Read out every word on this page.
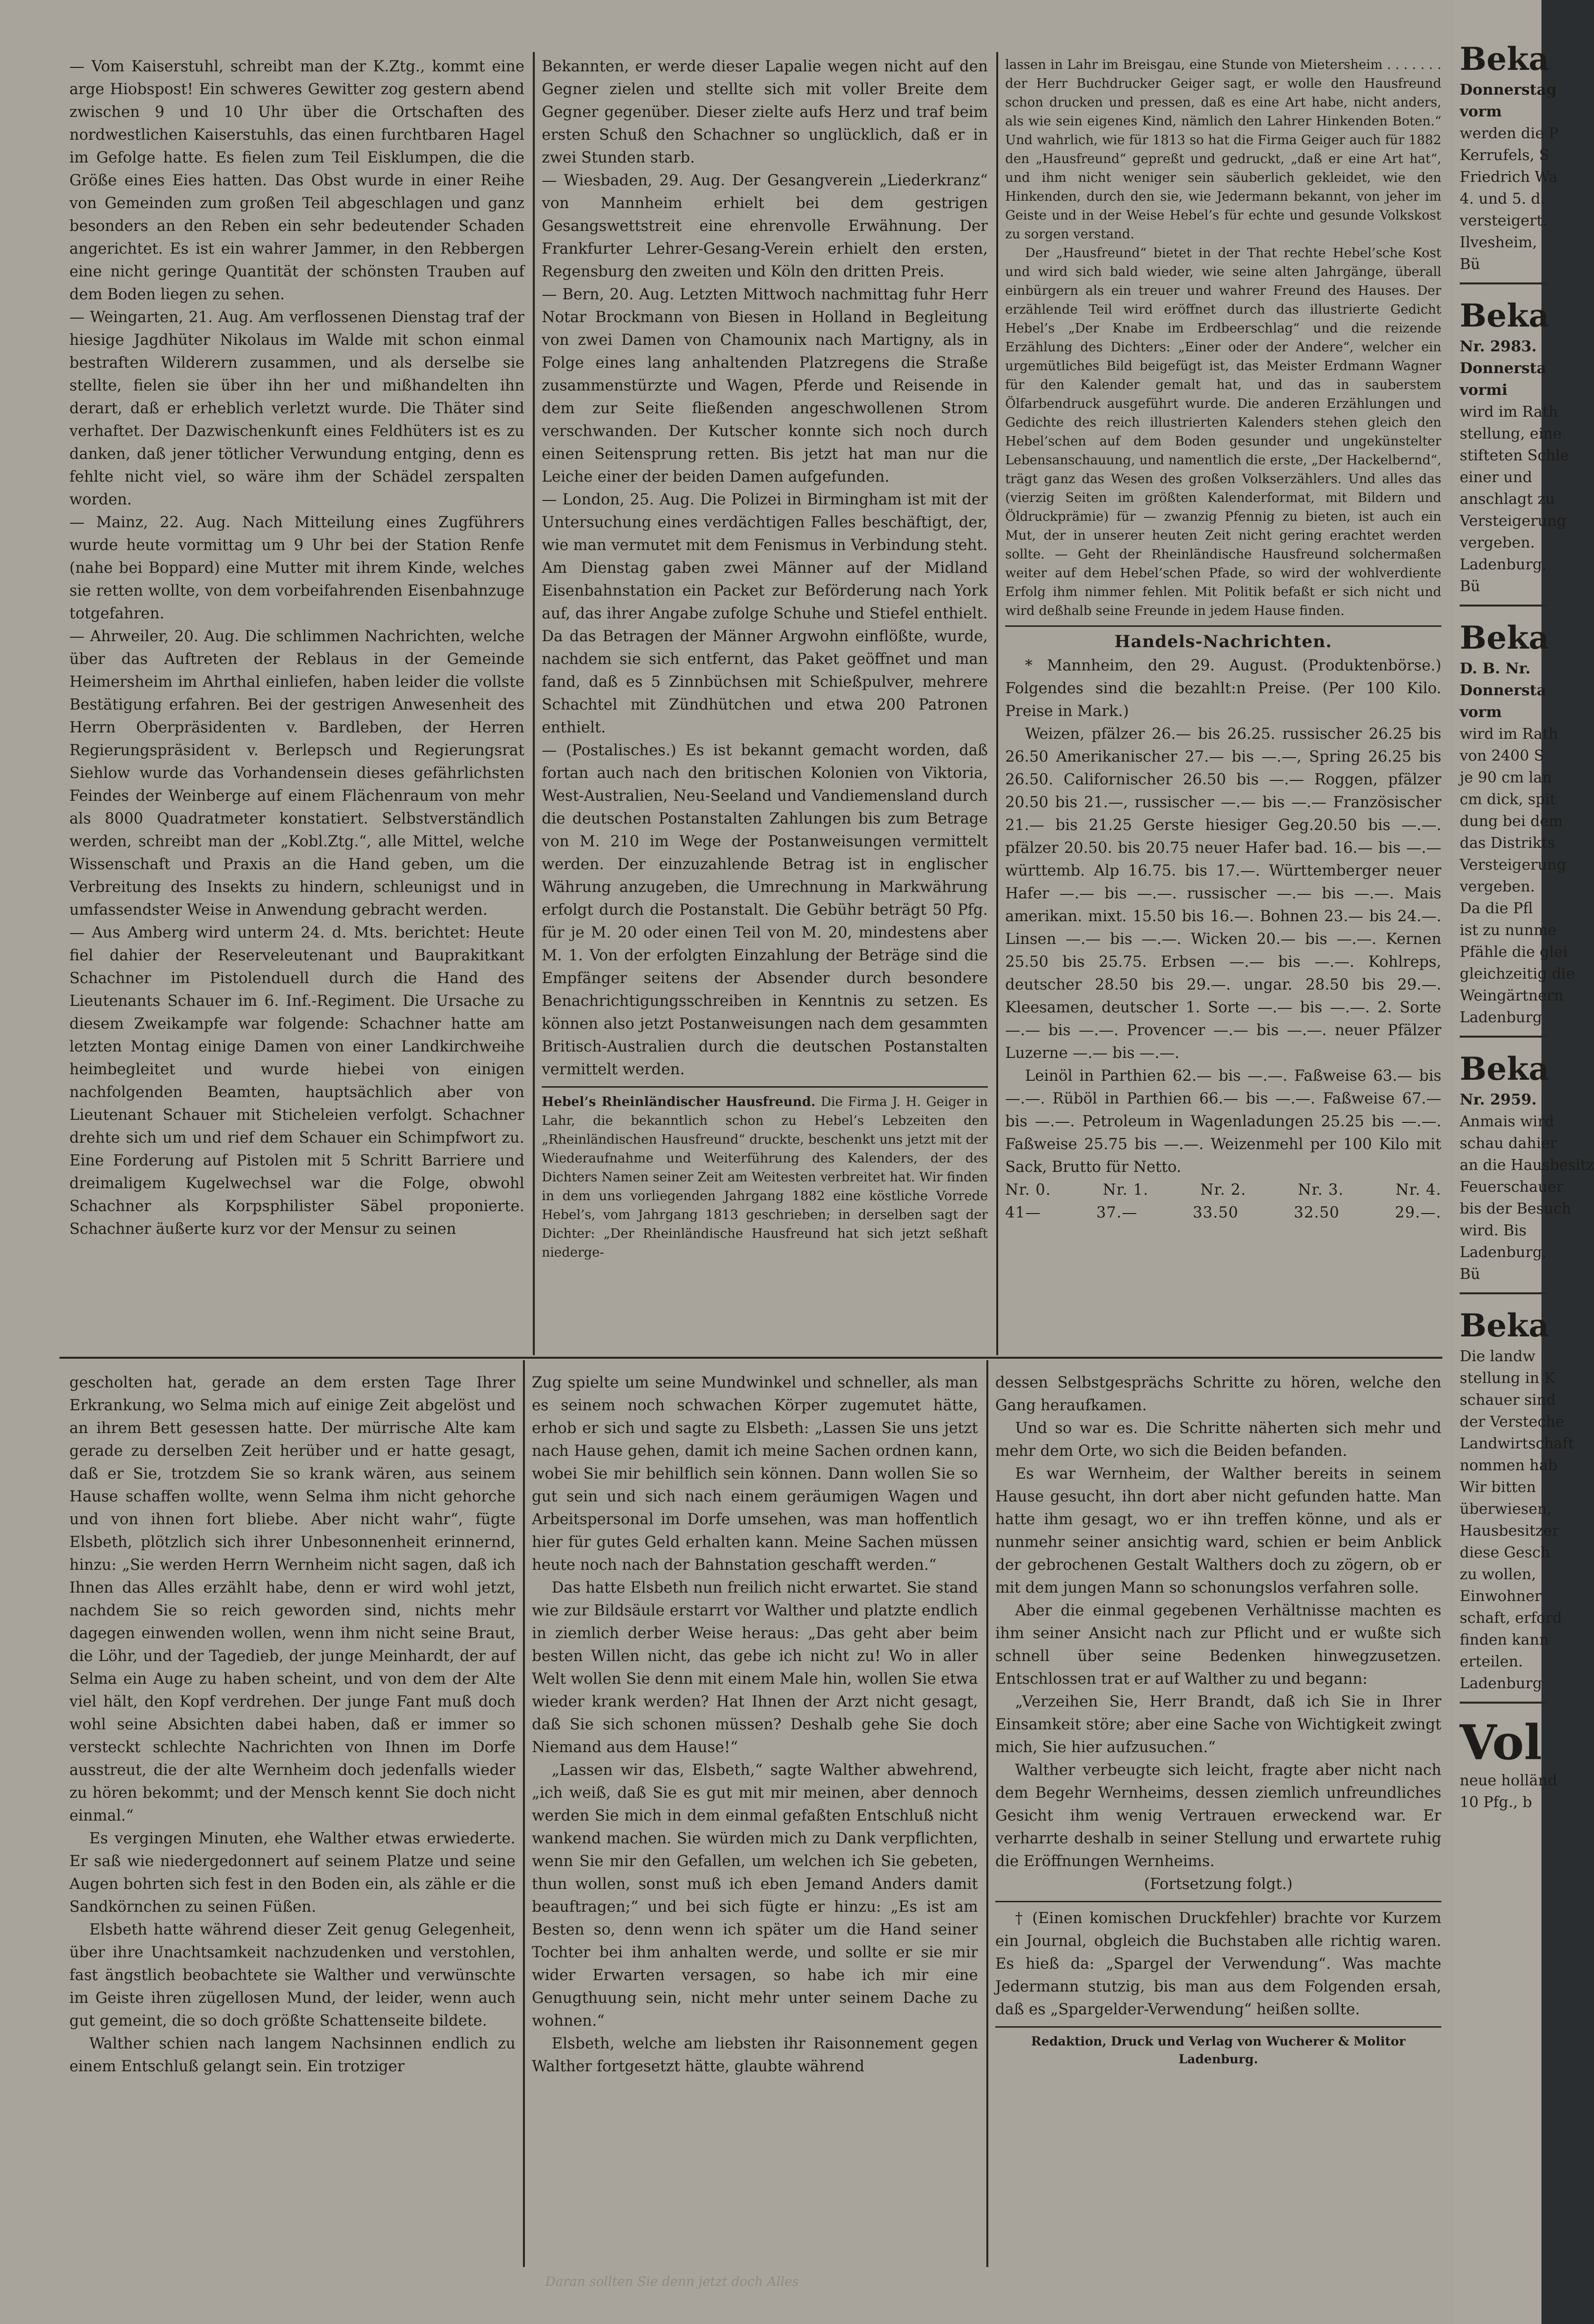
— Vom Kaiserstuhl, schreibt man der K.Ztg., kommt eine arge Hiobspost! Ein schweres Gewitter zog gestern abend zwischen 9 und 10 Uhr über die Ortschaften des nordwestlichen Kaiserstuhls, das einen furchtbaren Hagel im Gefolge hatte. Es fielen zum Teil Eisklumpen, die die Größe eines Eies hatten. Das Obst wurde in einer Reihe von Gemeinden zum großen Teil abgeschlagen und ganz besonders an den Reben ein sehr bedeutender Schaden angerichtet. Es ist ein wahrer Jammer, in den Rebbergen eine nicht geringe Quantität der schönsten Trauben auf dem Boden liegen zu sehen.

— Weingarten, 21. Aug. Am verflossenen Dienstag traf der hiesige Jagdhüter Nikolaus im Walde mit schon einmal bestraften Wilderern zusammen, und als derselbe sie stellte, fielen sie über ihn her und mißhandelten ihn derart, daß er erheblich verletzt wurde. Die Thäter sind verhaftet. Der Dazwischenkunft eines Feldhüters ist es zu danken, daß jener tötlicher Verwundung entging, denn es fehlte nicht viel, so wäre ihm der Schädel zerspalten worden.

— Mainz, 22. Aug. Nach Mitteilung eines Zugführers wurde heute vormittag um 9 Uhr bei der Station Renfe (nahe bei Boppard) eine Mutter mit ihrem Kinde, welches sie retten wollte, von dem vorbeifahrenden Eisenbahnzuge totgefahren.

— Ahrweiler, 20. Aug. Die schlimmen Nachrichten, welche über das Auftreten der Reblaus in der Gemeinde Heimersheim im Ahrthal einliefen, haben leider die vollste Bestätigung erfahren. Bei der gestrigen Anwesenheit des Herrn Oberpräsidenten v. Bardleben, der Herren Regierungspräsident v. Berlepsch und Regierungsrat Siehlow wurde das Vorhandensein dieses gefährlichsten Feindes der Weinberge auf einem Flächenraum von mehr als 8000 Quadratmeter konstatiert. Selbstverständlich werden, schreibt man der „Kobl.Ztg.“, alle Mittel, welche Wissenschaft und Praxis an die Hand geben, um die Verbreitung des Insekts zu hindern, schleunigst und in umfassendster Weise in Anwendung gebracht werden.

— Aus Amberg wird unterm 24. d. Mts. berichtet: Heute fiel dahier der Reserveleutenant und Bauprakitkant Schachner im Pistolenduell durch die Hand des Lieutenants Schauer im 6. Inf.-Regiment. Die Ursache zu diesem Zweikampfe war folgende: Schachner hatte am letzten Montag einige Damen von einer Landkirchweihe heimbegleitet und wurde hiebei von einigen nachfolgenden Beamten, hauptsächlich aber von Lieutenant Schauer mit Sticheleien verfolgt. Schachner drehte sich um und rief dem Schauer ein Schimpfwort zu. Eine Forderung auf Pistolen mit 5 Schritt Barriere und dreimaligem Kugelwechsel war die Folge, obwohl Schachner als Korpsphilister Säbel proponierte. Schachner äußerte kurz vor der Mensur zu seinen

Bekannten, er werde dieser Lapalie wegen nicht auf den Gegner zielen und stellte sich mit voller Breite dem Gegner gegenüber. Dieser zielte aufs Herz und traf beim ersten Schuß den Schachner so unglücklich, daß er in zwei Stunden starb.

— Wiesbaden, 29. Aug. Der Gesangverein „Liederkranz“ von Mannheim erhielt bei dem gestrigen Gesangswettstreit eine ehrenvolle Erwähnung. Der Frankfurter Lehrer-Gesang-Verein erhielt den ersten, Regensburg den zweiten und Köln den dritten Preis.

— Bern, 20. Aug. Letzten Mittwoch nachmittag fuhr Herr Notar Brockmann von Biesen in Holland in Begleitung von zwei Damen von Chamounix nach Martigny, als in Folge eines lang anhaltenden Platzregens die Straße zusammenstürzte und Wagen, Pferde und Reisende in dem zur Seite fließenden angeschwollenen Strom verschwanden. Der Kutscher konnte sich noch durch einen Seitensprung retten. Bis jetzt hat man nur die Leiche einer der beiden Damen aufgefunden.

— London, 25. Aug. Die Polizei in Birmingham ist mit der Untersuchung eines verdächtigen Falles beschäftigt, der, wie man vermutet mit dem Fenismus in Verbindung steht. Am Dienstag gaben zwei Männer auf der Midland Eisenbahnstation ein Packet zur Beförderung nach York auf, das ihrer Angabe zufolge Schuhe und Stiefel enthielt. Da das Betragen der Männer Argwohn einflößte, wurde, nachdem sie sich entfernt, das Paket geöffnet und man fand, daß es 5 Zinnbüchsen mit Schießpulver, mehrere Schachtel mit Zündhütchen und etwa 200 Patronen enthielt.

— (Postalisches.) Es ist bekannt gemacht worden, daß fortan auch nach den britischen Kolonien von Viktoria, West-Australien, Neu-Seeland und Vandiemensland durch die deutschen Postanstalten Zahlungen bis zum Betrage von M. 210 im Wege der Postanweisungen vermittelt werden. Der einzuzahlende Betrag ist in englischer Währung anzugeben, die Umrechnung in Markwährung erfolgt durch die Postanstalt. Die Gebühr beträgt 50 Pfg. für je M. 20 oder einen Teil von M. 20, mindestens aber M. 1. Von der erfolgten Einzahlung der Beträge sind die Empfänger seitens der Absender durch besondere Benachrichtigungsschreiben in Kenntnis zu setzen. Es können also jetzt Postanweisungen nach dem gesammten Britisch-Australien durch die deutschen Postanstalten vermittelt werden.

Hebel’s Rheinländischer Hausfreund. Die Firma J. H. Geiger in Lahr, die bekanntlich schon zu Hebel’s Lebzeiten den „Rheinländischen Hausfreund“ druckte, beschenkt uns jetzt mit der Wiederaufnahme und Weiterführung des Kalenders, der des Dichters Namen seiner Zeit am Weitesten verbreitet hat. Wir finden in dem uns vorliegenden Jahrgang 1882 eine köstliche Vorrede Hebel’s, vom Jahrgang 1813 geschrieben; in derselben sagt der Dichter: „Der Rheinländische Hausfreund hat sich jetzt seßhaft niederge-

lassen in Lahr im Breisgau, eine Stunde von Mietersheim . . . . . . . der Herr Buchdrucker Geiger sagt, er wolle den Hausfreund schon drucken und pressen, daß es eine Art habe, nicht anders, als wie sein eigenes Kind, nämlich den Lahrer Hinkenden Boten.“ Und wahrlich, wie für 1813 so hat die Firma Geiger auch für 1882 den „Hausfreund“ gepreßt und gedruckt, „daß er eine Art hat“, und ihm nicht weniger sein säuberlich gekleidet, wie den Hinkenden, durch den sie, wie Jedermann bekannt, von jeher im Geiste und in der Weise Hebel’s für echte und gesunde Volkskost zu sorgen verstand.

Der „Hausfreund“ bietet in der That rechte Hebel’sche Kost und wird sich bald wieder, wie seine alten Jahrgänge, überall einbürgern als ein treuer und wahrer Freund des Hauses. Der erzählende Teil wird eröffnet durch das illustrierte Gedicht Hebel’s „Der Knabe im Erdbeerschlag“ und die reizende Erzählung des Dichters: „Einer oder der Andere“, welcher ein urgemütliches Bild beigefügt ist, das Meister Erdmann Wagner für den Kalender gemalt hat, und das in sauberstem Ölfarbendruck ausgeführt wurde. Die anderen Erzählungen und Gedichte des reich illustrierten Kalenders stehen gleich den Hebel’schen auf dem Boden gesunder und ungekünstelter Lebensanschauung, und namentlich die erste, „Der Hackelbernd“, trägt ganz das Wesen des großen Volkserzählers. Und alles das (vierzig Seiten im größten Kalenderformat, mit Bildern und Öldruckprämie) für — zwanzig Pfennig zu bieten, ist auch ein Mut, der in unserer heuten Zeit nicht gering erachtet werden sollte. — Geht der Rheinländische Hausfreund solchermaßen weiter auf dem Hebel’schen Pfade, so wird der wohlverdiente Erfolg ihm nimmer fehlen. Mit Politik befaßt er sich nicht und wird deßhalb seine Freunde in jedem Hause finden.

Handels-Nachrichten.

* Mannheim, den 29. August. (Produktenbörse.) Folgendes sind die bezahlt:n Preise. (Per 100 Kilo. Preise in Mark.)

Weizen, pfälzer 26.— bis 26.25. russischer 26.25 bis 26.50 Amerikanischer 27.— bis —.—, Spring 26.25 bis 26.50. Californischer 26.50 bis —.— Roggen, pfälzer 20.50 bis 21.—, russischer —.— bis —.— Französischer 21.— bis 21.25 Gerste hiesiger Geg.20.50 bis —.—. pfälzer 20.50. bis 20.75 neuer Hafer bad. 16.— bis —.— württemb. Alp 16.75. bis 17.—. Württemberger neuer Hafer —.— bis —.—. russischer —.— bis —.—. Mais amerikan. mixt. 15.50 bis 16.—. Bohnen 23.— bis 24.—. Linsen —.— bis —.—. Wicken 20.— bis —.—. Kernen 25.50 bis 25.75. Erbsen —.— bis —.—. Kohlreps, deutscher 28.50 bis 29.—. ungar. 28.50 bis 29.—. Kleesamen, deutscher 1. Sorte —.— bis —.—. 2. Sorte —.— bis —.—. Provencer —.— bis —.—. neuer Pfälzer Luzerne —.— bis —.—.

Leinöl in Parthien 62.— bis —.—. Faßweise 63.— bis —.—. Rüböl in Parthien 66.— bis —.—. Faßweise 67.— bis —.—. Petroleum in Wagenladungen 25.25 bis —.—. Faßweise 25.75 bis —.—. Weizenmehl per 100 Kilo mit Sack, Brutto für Netto.

Nr. 0.	Nr. 1.	Nr. 2.	Nr. 3.	Nr. 4.
41—	37.—	33.50	32.50	29.—.

gescholten hat, gerade an dem ersten Tage Ihrer Erkrankung, wo Selma mich auf einige Zeit abgelöst und an ihrem Bett gesessen hatte. Der mürrische Alte kam gerade zu derselben Zeit herüber und er hatte gesagt, daß er Sie, trotzdem Sie so krank wären, aus seinem Hause schaffen wollte, wenn Selma ihm nicht gehorche und von ihnen fort bliebe. Aber nicht wahr“, fügte Elsbeth, plötzlich sich ihrer Unbesonnenheit erinnernd, hinzu: „Sie werden Herrn Wernheim nicht sagen, daß ich Ihnen das Alles erzählt habe, denn er wird wohl jetzt, nachdem Sie so reich geworden sind, nichts mehr dagegen einwenden wollen, wenn ihm nicht seine Braut, die Löhr, und der Tagedieb, der junge Meinhardt, der auf Selma ein Auge zu haben scheint, und von dem der Alte viel hält, den Kopf verdrehen. Der junge Fant muß doch wohl seine Absichten dabei haben, daß er immer so versteckt schlechte Nachrichten von Ihnen im Dorfe ausstreut, die der alte Wernheim doch jedenfalls wieder zu hören bekommt; und der Mensch kennt Sie doch nicht einmal.“

Es vergingen Minuten, ehe Walther etwas erwiederte. Er saß wie niedergedonnert auf seinem Platze und seine Augen bohrten sich fest in den Boden ein, als zähle er die Sandkörnchen zu seinen Füßen.

Elsbeth hatte während dieser Zeit genug Gelegenheit, über ihre Unachtsamkeit nachzudenken und verstohlen, fast ängstlich beobachtete sie Walther und verwünschte im Geiste ihren zügellosen Mund, der leider, wenn auch gut gemeint, die so doch größte Schattenseite bildete.

Walther schien nach langem Nachsinnen endlich zu einem Entschluß gelangt sein. Ein trotziger

Zug spielte um seine Mundwinkel und schneller, als man es seinem noch schwachen Körper zugemutet hätte, erhob er sich und sagte zu Elsbeth: „Lassen Sie uns jetzt nach Hause gehen, damit ich meine Sachen ordnen kann, wobei Sie mir behilflich sein können. Dann wollen Sie so gut sein und sich nach einem geräumigen Wagen und Arbeitspersonal im Dorfe umsehen, was man hoffentlich hier für gutes Geld erhalten kann. Meine Sachen müssen heute noch nach der Bahnstation geschafft werden.“

Das hatte Elsbeth nun freilich nicht erwartet. Sie stand wie zur Bildsäule erstarrt vor Walther und platzte endlich in ziemlich derber Weise heraus: „Das geht aber beim besten Willen nicht, das gebe ich nicht zu! Wo in aller Welt wollen Sie denn mit einem Male hin, wollen Sie etwa wieder krank werden? Hat Ihnen der Arzt nicht gesagt, daß Sie sich schonen müssen? Deshalb gehe Sie doch Niemand aus dem Hause!“

„Lassen wir das, Elsbeth,“ sagte Walther abwehrend, „ich weiß, daß Sie es gut mit mir meinen, aber dennoch werden Sie mich in dem einmal gefaßten Entschluß nicht wankend machen. Sie würden mich zu Dank verpflichten, wenn Sie mir den Gefallen, um welchen ich Sie gebeten, thun wollen, sonst muß ich eben Jemand Anders damit beauftragen;“ und bei sich fügte er hinzu: „Es ist am Besten so, denn wenn ich später um die Hand seiner Tochter bei ihm anhalten werde, und sollte er sie mir wider Erwarten versagen, so habe ich mir eine Genugthuung sein, nicht mehr unter seinem Dache zu wohnen.“

Elsbeth, welche am liebsten ihr Raisonnement gegen Walther fortgesetzt hätte, glaubte während

dessen Selbstgesprächs Schritte zu hören, welche den Gang heraufkamen.

Und so war es. Die Schritte näherten sich mehr und mehr dem Orte, wo sich die Beiden befanden.

Es war Wernheim, der Walther bereits in seinem Hause gesucht, ihn dort aber nicht gefunden hatte. Man hatte ihm gesagt, wo er ihn treffen könne, und als er nunmehr seiner ansichtig ward, schien er beim Anblick der gebrochenen Gestalt Walthers doch zu zögern, ob er mit dem jungen Mann so schonungslos verfahren solle.

Aber die einmal gegebenen Verhältnisse machten es ihm seiner Ansicht nach zur Pflicht und er wußte sich schnell über seine Bedenken hinwegzusetzen. Entschlossen trat er auf Walther zu und begann:

„Verzeihen Sie, Herr Brandt, daß ich Sie in Ihrer Einsamkeit störe; aber eine Sache von Wichtigkeit zwingt mich, Sie hier aufzusuchen.“

Walther verbeugte sich leicht, fragte aber nicht nach dem Begehr Wernheims, dessen ziemlich unfreundliches Gesicht ihm wenig Vertrauen erweckend war. Er verharrte deshalb in seiner Stellung und erwartete ruhig die Eröffnungen Wernheims.

(Fortsetzung folgt.)

† (Einen komischen Druckfehler) brachte vor Kurzem ein Journal, obgleich die Buchstaben alle richtig waren. Es hieß da: „Spargel der Verwendung“. Was machte Jedermann stutzig, bis man aus dem Folgenden ersah, daß es „Spargelder-Verwendung“ heißen sollte.

Redaktion, Druck und Verlag von Wucherer & Molitor Ladenburg.
Daran sollten Sie denn jetzt doch Alles
Beka
Donnerstag
vorm
werden die P
Kerrufels, S
Friedrich Wa
4. und 5. d.
versteigert.
Ilvesheim,
Bü
Beka
Nr. 2983.
Donnersta
vormi
wird im Rath
stellung, eine
stifteten Schle
einer und
anschlagt zu
Versteigerung
vergeben.
Ladenburg,
Bü
Beka
D. B. Nr.
Donnersta
vorm
wird im Rath
von 2400 S
je 90 cm lan
cm dick, spit
dung bei dem
das Distrikts
Versteigerung
vergeben.
Da die Pfl
ist zu nunme
Pfähle die glei
gleichzeitig die
Weingärtnern
Ladenburg
Beka
Nr. 2959.
Anmais wird
schau dahier
an die Hausbesitz
Feuerschauer
bis der Besuch
wird. Bis
Ladenburg,
Bü
Beka
Die landw
stellung in K
schauer sind
der Versteche
Landwirtschaft
nommen hab
Wir bitten
überwiesen,
Hausbesitzer
diese Gesch
zu wollen,
Einwohner
schaft, erford
finden kann
erteilen.
Ladenburg
Vol
neue holländ
10 Pfg., b
